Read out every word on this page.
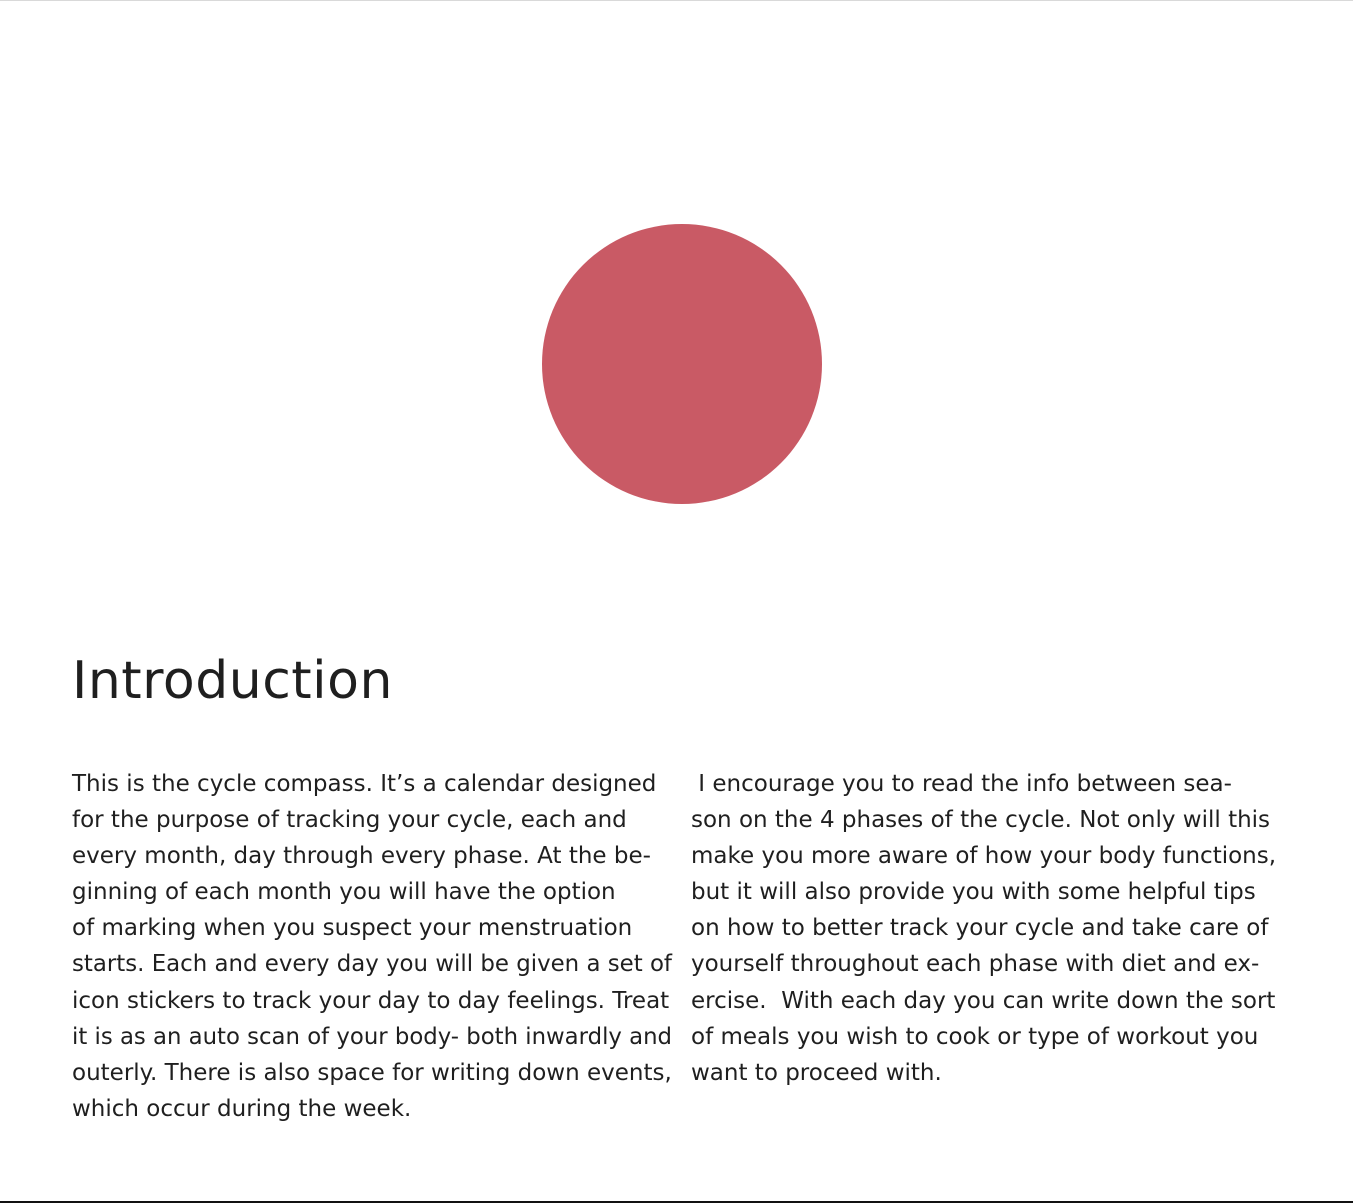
Introduction
This is the cycle compass. It’s a calendar designed
for the purpose of tracking your cycle, each and
every month, day through every phase. At the be-
ginning of each month you will have the option
of marking when you suspect your menstruation
starts. Each and every day you will be given a set of
icon stickers to track your day to day feelings. Treat
it is as an auto scan of your body- both inwardly and
outerly. There is also space for writing down events,
which occur during the week.
I encourage you to read the info between sea-
son on the 4 phases of the cycle. Not only will this
make you more aware of how your body functions,
but it will also provide you with some helpful tips
on how to better track your cycle and take care of
yourself throughout each phase with diet and ex-
ercise.  With each day you can write down the sort
of meals you wish to cook or type of workout you
want to proceed with.
